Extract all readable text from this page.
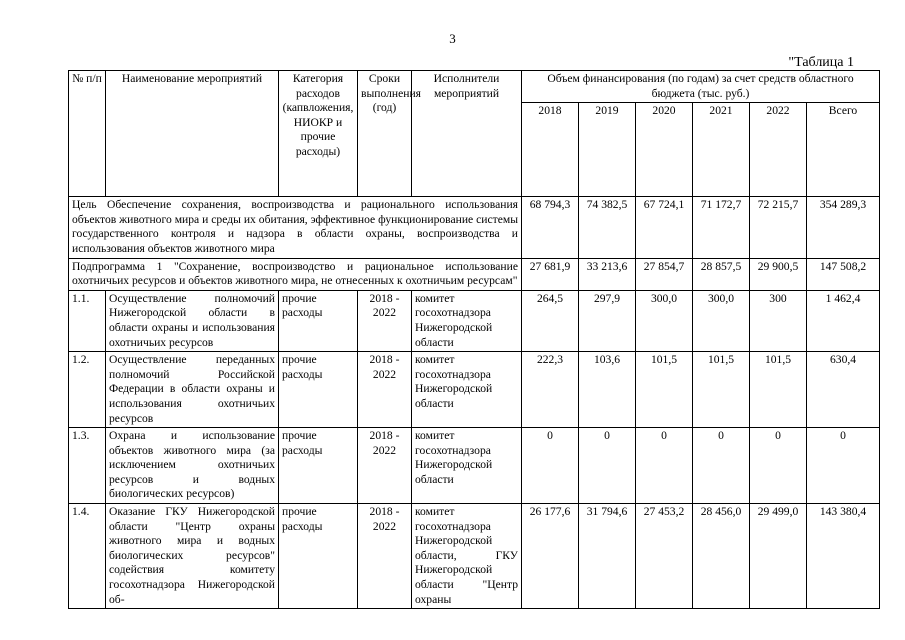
3
"Таблица 1
№ п/п	Наименование мероприятий	Категория расходов (капвложения, НИОКР и прочие расходы)	Сроки выполнения (год)	Исполнители мероприятий	Объем финансирования (по годам) за счет средств областного бюджета (тыс. руб.)					
					2018	2019	2020	2021	2022	Всего
Цель Обеспечение сохранения, воспроизводства и рационального использования объектов животного мира и среды их обитания, эффективное функционирование системы государственного контроля и надзора в области охраны, воспроизводства и использования объектов животного мира					68 794,3	74 382,5	67 724,1	71 172,7	72 215,7	354 289,3
Подпрограмма 1 "Сохранение, воспроизводство и рациональное использование охотничьих ресурсов и объектов животного мира, не отнесенных к охотничьим ресурсам"					27 681,9	33 213,6	27 854,7	28 857,5	29 900,5	147 508,2
1.1.	Осуществление полномочий Нижегородской области в области охраны и использования охотничьих ресурсов	прочие расходы	2018 - 2022	комитет госохотнадзора Нижегородской области	264,5	297,9	300,0	300,0	300	1 462,4
1.2.	Осуществление переданных полномочий Российской Федерации в области охраны и использования охотничьих ресурсов	прочие расходы	2018 - 2022	комитет госохотнадзора Нижегородской области	222,3	103,6	101,5	101,5	101,5	630,4
1.3.	Охрана и использование объектов животного мира (за исключением охотничьих ресурсов и водных биологических ресурсов)	прочие расходы	2018 - 2022	комитет госохотнадзора Нижегородской области	0	0	0	0	0	0
1.4.	Оказание ГКУ Нижегородской области "Центр охраны животного мира и водных биологических ресурсов" содействия комитету госохотнадзора Нижегородской об-	прочие расходы	2018 - 2022	комитет госохотнадзора Нижегородской области, ГКУ Нижегородской области "Центр охраны	26 177,6	31 794,6	27 453,2	28 456,0	29 499,0	143 380,4
